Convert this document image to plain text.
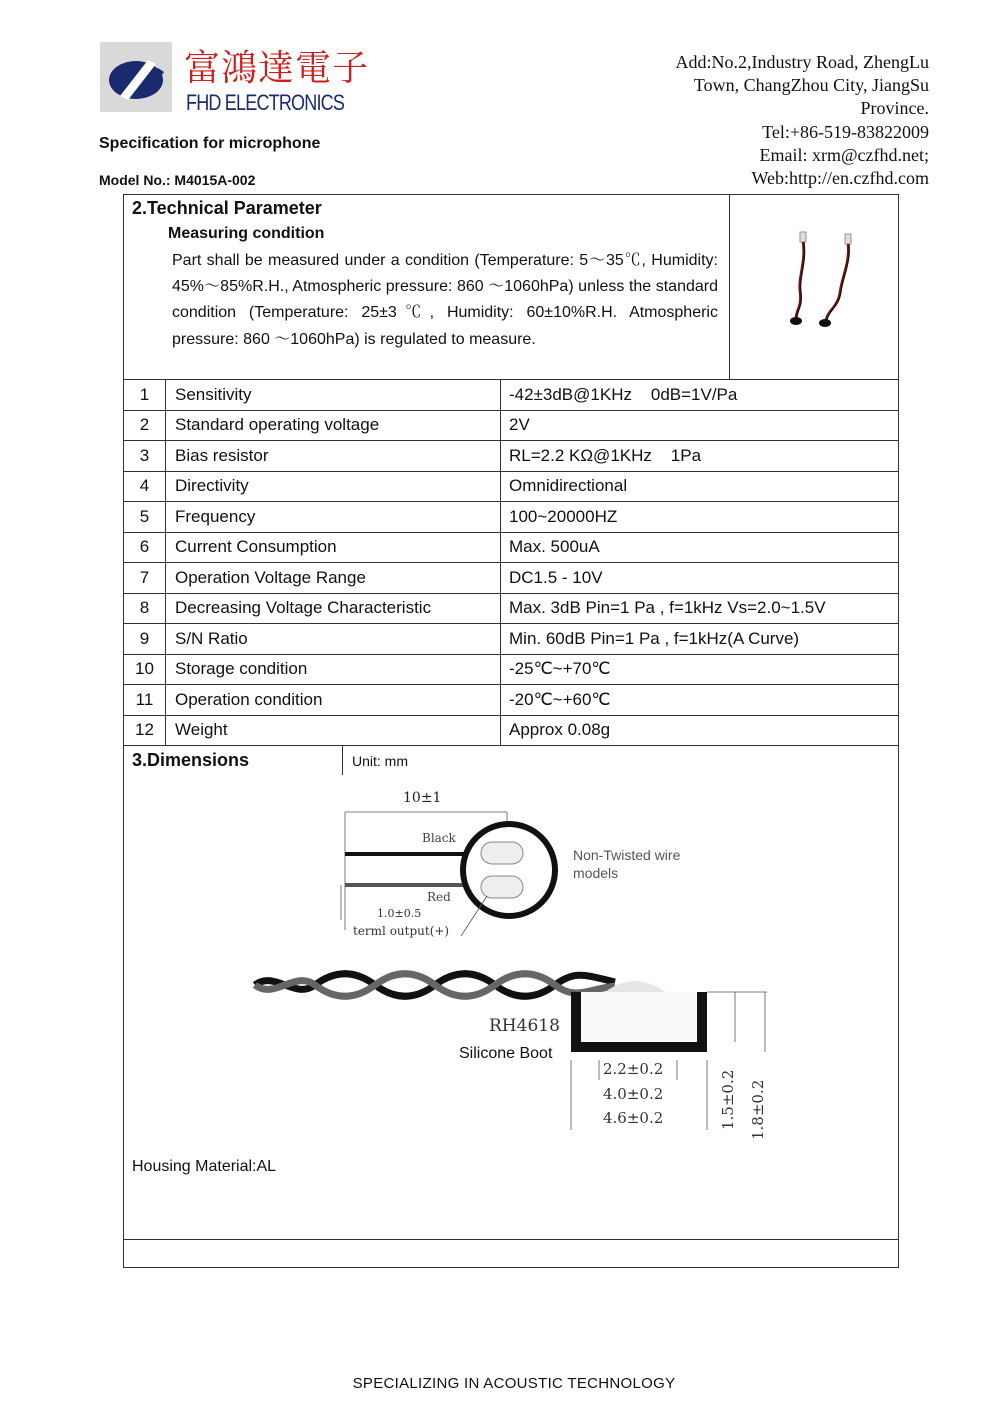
富鴻達電子
FHD ELECTRONICS
Specification for microphone
Model No.: M4015A-002
Add:No.2,Industry Road, ZhengLu
Town, ChangZhou City, JiangSu
Province.
Tel:+86-519-83822009
Email: xrm@czfhd.net;
Web:http://en.czfhd.com
2.Technical Parameter
Measuring condition
Part shall be measured under a condition (Temperature: 5～35℃, Humidity: 45%～85%R.H., Atmospheric pressure: 860 ～1060hPa) unless the standard condition (Temperature: 25±3℃, Humidity: 60±10%R.H. Atmospheric pressure: 860 ～1060hPa) is regulated to measure.
1	Sensitivity	-42±3dB@1KHz    0dB=1V/Pa
2	Standard operating voltage	2V
3	Bias resistor	RL=2.2 KΩ@1KHz    1Pa
4	Directivity	Omnidirectional
5	Frequency	100~20000HZ
6	Current Consumption	Max. 500uA
7	Operation Voltage Range	DC1.5 - 10V
8	Decreasing Voltage Characteristic	Max. 3dB Pin=1 Pa , f=1kHz Vs=2.0~1.5V
9	S/N Ratio	Min. 60dB Pin=1 Pa , f=1kHz(A Curve)
10	Storage condition	-25℃~+70℃
11	Operation condition	-20℃~+60℃
12	Weight	Approx 0.08g
3.Dimensions	Unit: mm
10±1
Black
Red
1.0±0.5
terml output(+)
Non-Twisted wire
models
RH4618
Silicone Boot
2.2±0.2
4.0±0.2
4.6±0.2	1.5±0.2 1.8±0.2
Housing Material:AL
SPECIALIZING IN ACOUSTIC TECHNOLOGY
